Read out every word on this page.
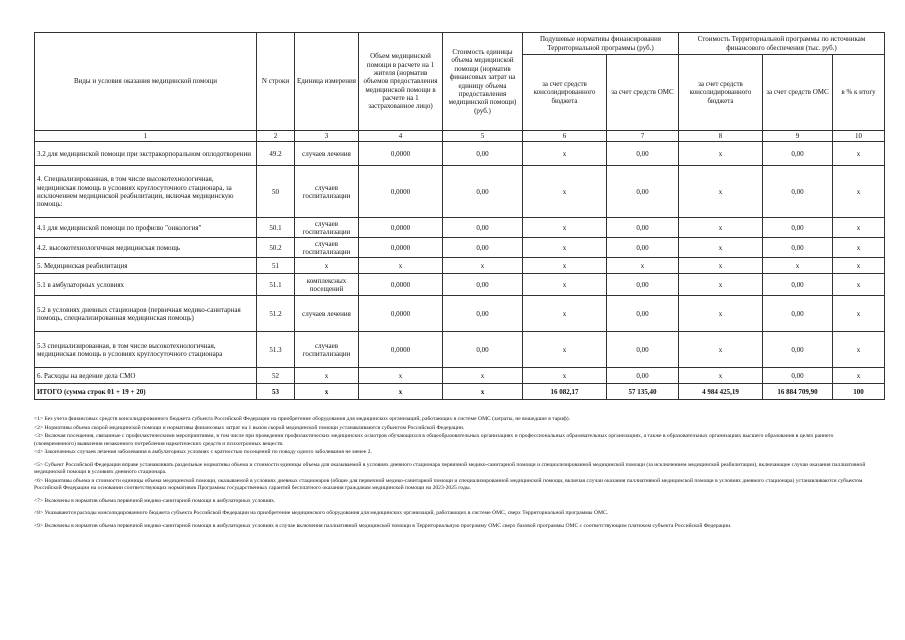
Виды и условия оказания медицинской помощи	N строки	Единица измерения	Объем медицинской помощи в расчете на 1 жителя (норматив объемов предоставления медицинской помощи в расчете на 1 застрахованное лицо)	Стоимость единицы объема медицинской помощи (норматив финансовых затрат на единицу объема предоставления медицинской помощи) (руб.)	Подушевые нормативы финансирования Территориальной программы (руб.)		Стоимость Территориальной программы по источникам финансового обеспечения (тыс. руб.)		
					за счет средств консолидированного бюджета	за счет средств ОМС	за счет средств консолидированного бюджета	за счет средств ОМС	в % к итогу
1	2	3	4	5	6	7	8	9	10
3.2 для медицинской помощи при экстракорпоральном оплодотворении	49.2	случаев лечения	0,0000	0,00	x	0,00	x	0,00	x
4. Специализированная, в том числе высокотехнологичная, медицинская помощь в условиях круглосуточного стационара, за исключением медицинской реабилитации, включая медицинскую помощь:	50	случаев госпитализации	0,0000	0,00	x	0,00	x	0,00	x
4.1 для медицинской помощи по профилю "онкология"	50.1	случаев госпитализации	0,0000	0,00	x	0,00	x	0,00	x
4.2. высокотехнологичная медицинская помощь	50.2	случаев госпитализации	0,0000	0,00	x	0,00	x	0,00	x
5. Медицинская реабилитация	51	x	x	x	x	x	x	x	x
5.1 в амбулаторных условиях	51.1	комплексных посещений	0,0000	0,00	x	0,00	x	0,00	x
5.2 в условиях дневных стационаров (первичная медико-санитарная помощь, специализированная медицинская помощь)	51.2	случаев лечения	0,0000	0,00	x	0,00	x	0,00	x
5.3 специализированная, в том числе высокотехнологичная, медицинская помощь в условиях круглосуточного стационара	51.3	случаев госпитализации	0,0000	0,00	x	0,00	x	0,00	x
6. Расходы на ведение дела СМО	52	x	x	x	x	0,00	x	0,00	x
ИТОГО (сумма строк 01 + 19 + 20)	53	x	x	x	16 082,17	57 135,40	4 984 425,19	16 884 709,90	100

<1> Без учета финансовых средств консолидированного бюджета субъекта Российской Федерации на приобретение оборудования для медицинских организаций, работающих в системе ОМС (затраты, не вошедшие в тариф).

<2> Нормативы объема скорой медицинской помощи и нормативы финансовых затрат на 1 вызов скорой медицинской помощи устанавливаются субъектом Российской Федерации.

<3> Включая посещения, связанные с профилактическими мероприятиями, в том числе при проведении профилактических медицинских осмотров обучающихся в общеобразовательных организациях и профессиональных образовательных организациях, а также в образовательных организациях высшего образования в целях раннего (своевременного) выявления незаконного потребления наркотических средств и психотропных веществ.

<4> Законченных случаев лечения заболевания в амбулаторных условиях с кратностью посещений по поводу одного заболевания не менее 2.

<5> Субъект Российской Федерации вправе устанавливать раздельные нормативы объема и стоимости единицы объема для оказываемой в условиях дневного стационара первичной медико-санитарной помощи и специализированной медицинской помощи (за исключением медицинской реабилитации), включающие случаи оказания паллиативной медицинской помощи в условиях дневного стационара.

<6> Нормативы объема и стоимости единицы объема медицинской помощи, оказываемой в условиях дневных стационаров (общие для первичной медико-санитарной помощи и специализированной медицинской помощи, включая случаи оказания паллиативной медицинской помощи в условиях дневного стационара) устанавливаются субъектом Российской Федерации на основании соответствующих нормативов Программы государственных гарантий бесплатного оказания гражданам медицинской помощи на 2023-2025 годы.

<7> Включены в норматив объема первичной медико-санитарной помощи в амбулаторных условиях.

<8> Указываются расходы консолидированного бюджета субъекта Российской Федерации на приобретение медицинского оборудования для медицинских организаций, работающих в системе ОМС, сверх Территориальной программы ОМС.

<9> Включены в норматив объема первичной медико-санитарной помощи в амбулаторных условиях в случае включения паллиативной медицинской помощи в Территориальную программу ОМС сверх базовой программы ОМС с соответствующим платежом субъекта Российской Федерации.
